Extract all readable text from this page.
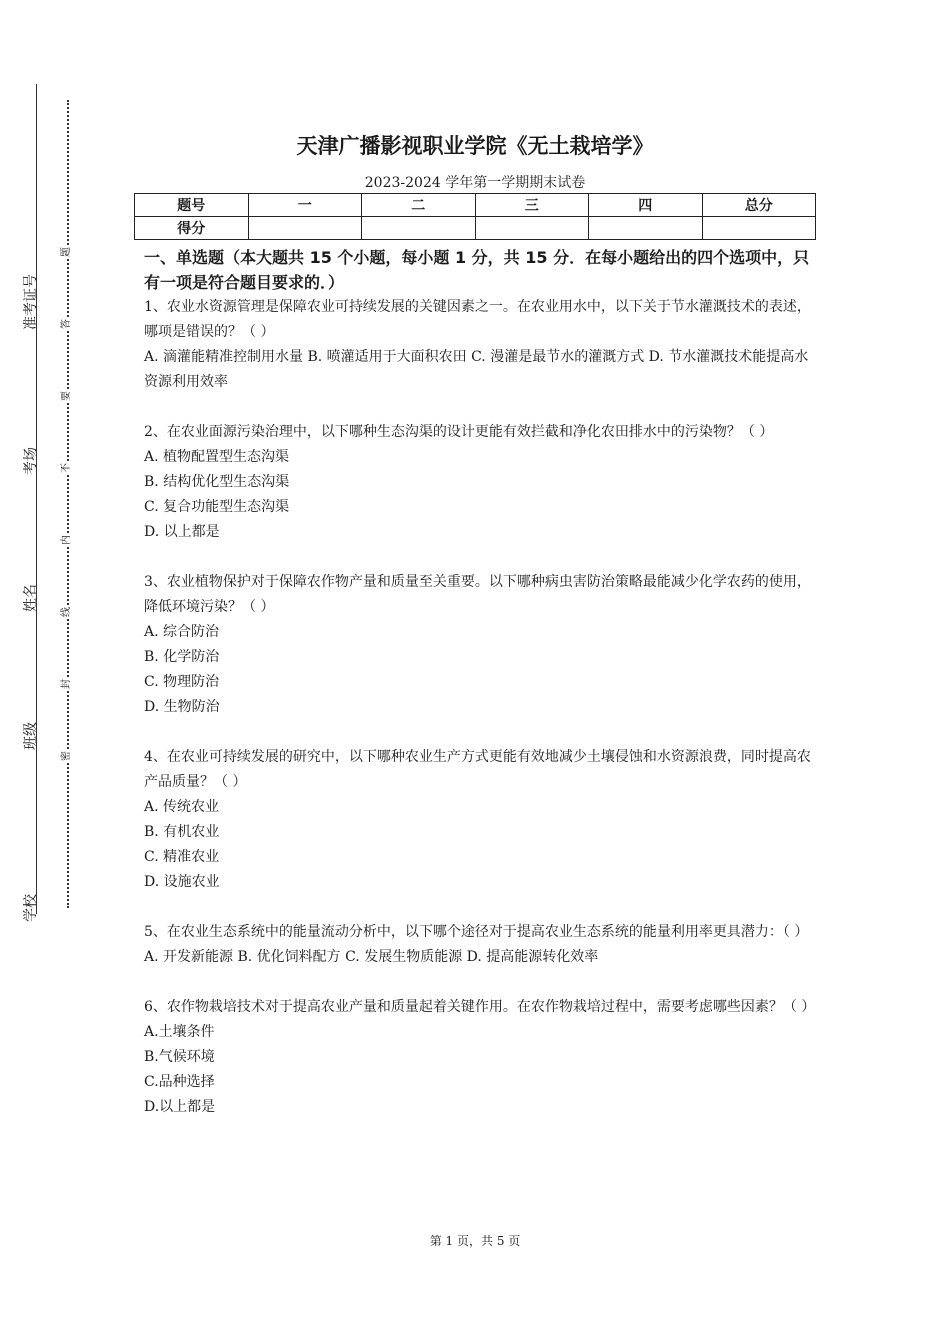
准考证号
考场
姓名
班级
学校
题
答
要
不
内
线
封
密
天津广播影视职业学院《无土栽培学》
2023-2024 学年第一学期期末试卷
题号	一	二	三	四	总分
得分					
一、单选题（本大题共 15 个小题，每小题 1 分，共 15 分．在每小题给出的四个选项中，只有一项是符合题目要求的．）

1、农业水资源管理是保障农业可持续发展的关键因素之一。在农业用水中，以下关于节水灌溉技术的表述，哪项是错误的？（ ）

A. 滴灌能精准控制用水量 B. 喷灌适用于大面积农田 C. 漫灌是最节水的灌溉方式 D. 节水灌溉技术能提高水资源利用效率

2、在农业面源污染治理中，以下哪种生态沟渠的设计更能有效拦截和净化农田排水中的污染物？（ ）

A. 植物配置型生态沟渠

B. 结构优化型生态沟渠

C. 复合功能型生态沟渠

D. 以上都是

3、农业植物保护对于保障农作物产量和质量至关重要。以下哪种病虫害防治策略最能减少化学农药的使用，降低环境污染？（ ）

A. 综合防治

B. 化学防治

C. 物理防治

D. 生物防治

4、在农业可持续发展的研究中，以下哪种农业生产方式更能有效地减少土壤侵蚀和水资源浪费，同时提高农产品质量？（ ）

A. 传统农业

B. 有机农业

C. 精准农业

D. 设施农业

5、在农业生态系统中的能量流动分析中，以下哪个途径对于提高农业生态系统的能量利用率更具潜力：（ ）

A. 开发新能源 B. 优化饲料配方 C. 发展生物质能源 D. 提高能源转化效率

6、农作物栽培技术对于提高农业产量和质量起着关键作用。在农作物栽培过程中，需要考虑哪些因素？（ ）

A.土壤条件

B.气候环境

C.品种选择

D.以上都是

第 1 页，共 5 页
